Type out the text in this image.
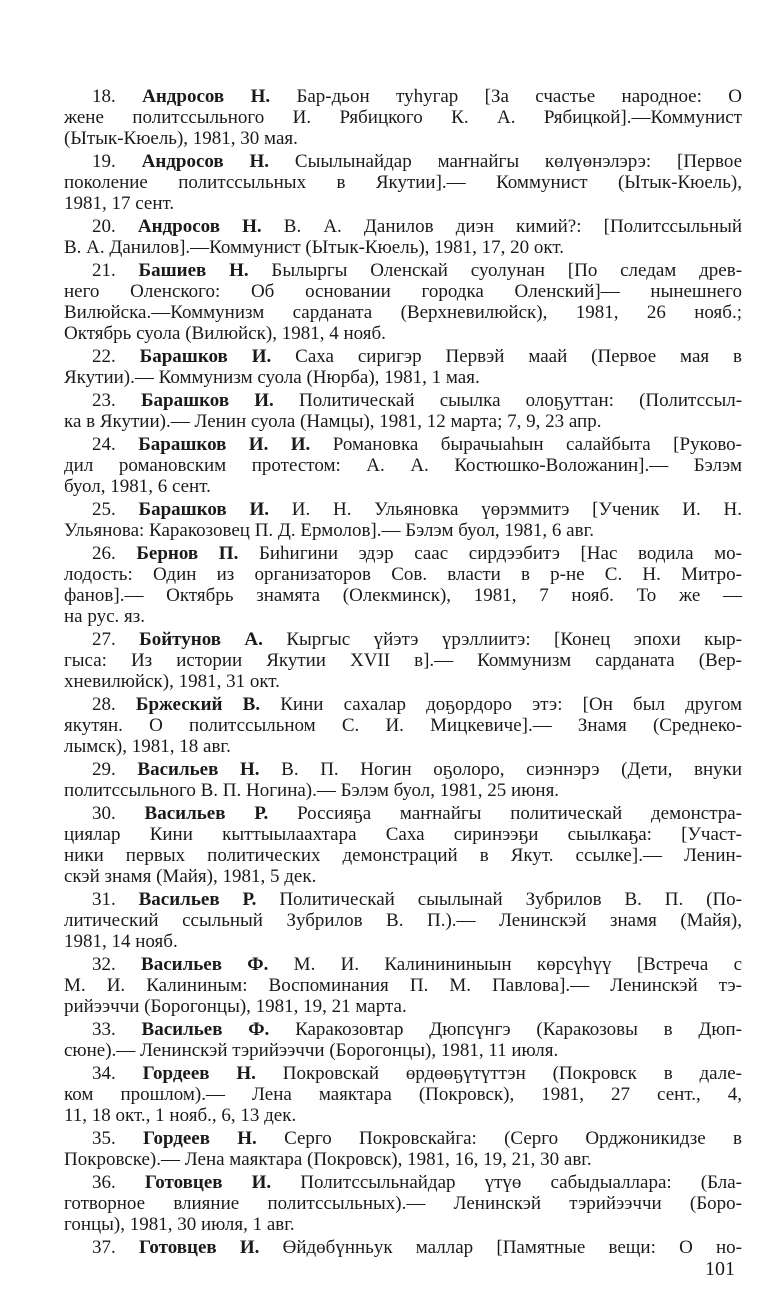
18. Андросов Н. Бар-дьон туһугар [За счастье народное: О
жене политссыльного И. Рябицкого К. А. Рябицкой].—Коммунист
(Ытык-Кюель), 1981, 30 мая.
19. Андросов Н. Сыылынайдар маҥнайгы көлүөнэлэрэ: [Первое
поколение политссыльных в Якутии].— Коммунист (Ытык-Кюель),
1981, 17 сент.
20. Андросов Н. В. А. Данилов диэн кимий?: [Политссыльный
В. А. Данилов].—Коммунист (Ытык-Кюель), 1981, 17, 20 окт.
21. Башиев Н. Былыргы Оленскай суолунан [По следам древ-
него Оленского: Об основании городка Оленский]— нынешнего
Вилюйска.—Коммунизм сарданата (Верхневилюйск), 1981, 26 нояб.;
Октябрь суола (Вилюйск), 1981, 4 нояб.
22. Барашков И. Саха сиригэр Первэй маай (Первое мая в
Якутии).— Коммунизм суола (Нюрба), 1981, 1 мая.
23. Барашков И. Политическай сыылка олоҕуттан: (Политссыл-
ка в Якутии).— Ленин суола (Намцы), 1981, 12 марта; 7, 9, 23 апр.
24. Барашков И. И. Романовка бырачыаһын салайбыта [Руково-
дил романовским протестом: А. А. Костюшко-Воложанин].— Бэлэм
буол, 1981, 6 сент.
25. Барашков И. И. Н. Ульяновка үөрэммитэ [Ученик И. Н.
Ульянова: Каракозовец П. Д. Ермолов].— Бэлэм буол, 1981, 6 авг.
26. Бернов П. Биһигини эдэр саас сирдээбитэ [Нас водила мо-
лодость: Один из организаторов Сов. власти в р-не С. Н. Митро-
фанов].— Октябрь знамята (Олекминск), 1981, 7 нояб. То же —
на рус. яз.
27. Бойтунов А. Кыргыс үйэтэ үрэллиитэ: [Конец эпохи кыр-
гыса: Из истории Якутии XVII в].— Коммунизм сарданата (Вер-
хневилюйск), 1981, 31 окт.
28. Бржеский В. Кини сахалар доҕордоро этэ: [Он был другом
якутян. О политссыльном С. И. Мицкевиче].— Знамя (Среднеко-
лымск), 1981, 18 авг.
29. Васильев Н. В. П. Ногин оҕолоро, сиэннэрэ (Дети, внуки
политссыльного В. П. Ногина).— Бэлэм буол, 1981, 25 июня.
30. Васильев Р. Россияҕа маҥнайгы политическай демонстра-
циялар Кини кыттыылаахтара Саха сиринээҕи сыылкаҕа: [Участ-
ники первых политических демонстраций в Якут. ссылке].— Ленин-
скэй знамя (Майя), 1981, 5 дек.
31. Васильев Р. Политическай сыылынай Зубрилов В. П. (По-
литический ссыльный Зубрилов В. П.).— Ленинскэй знамя (Майя),
1981, 14 нояб.
32. Васильев Ф. М. И. Калинининыын көрсүһүү [Встреча с
М. И. Калининым: Воспоминания П. М. Павлова].— Ленинскэй тэ-
рийээччи (Борогонцы), 1981, 19, 21 марта.
33. Васильев Ф. Каракозовтар Дюпсүнгэ (Каракозовы в Дюп-
сюне).— Ленинскэй тэрийээччи (Борогонцы), 1981, 11 июля.
34. Гордеев Н. Покровскай өрдөөҕүтүттэн (Покровск в дале-
ком прошлом).— Лена маяктара (Покровск), 1981, 27 сент., 4,
11, 18 окт., 1 нояб., 6, 13 дек.
35. Гордеев Н. Серго Покровскайга: (Серго Орджоникидзе в
Покровске).— Лена маяктара (Покровск), 1981, 16, 19, 21, 30 авг.
36. Готовцев И. Политссыльнайдар үтүө сабыдыаллара: (Бла-
готворное влияние политссыльных).— Ленинскэй тэрийээччи (Боро-
гонцы), 1981, 30 июля, 1 авг.
37. Готовцев И. Өйдөбүнньук маллар [Памятные вещи: О но-
101
